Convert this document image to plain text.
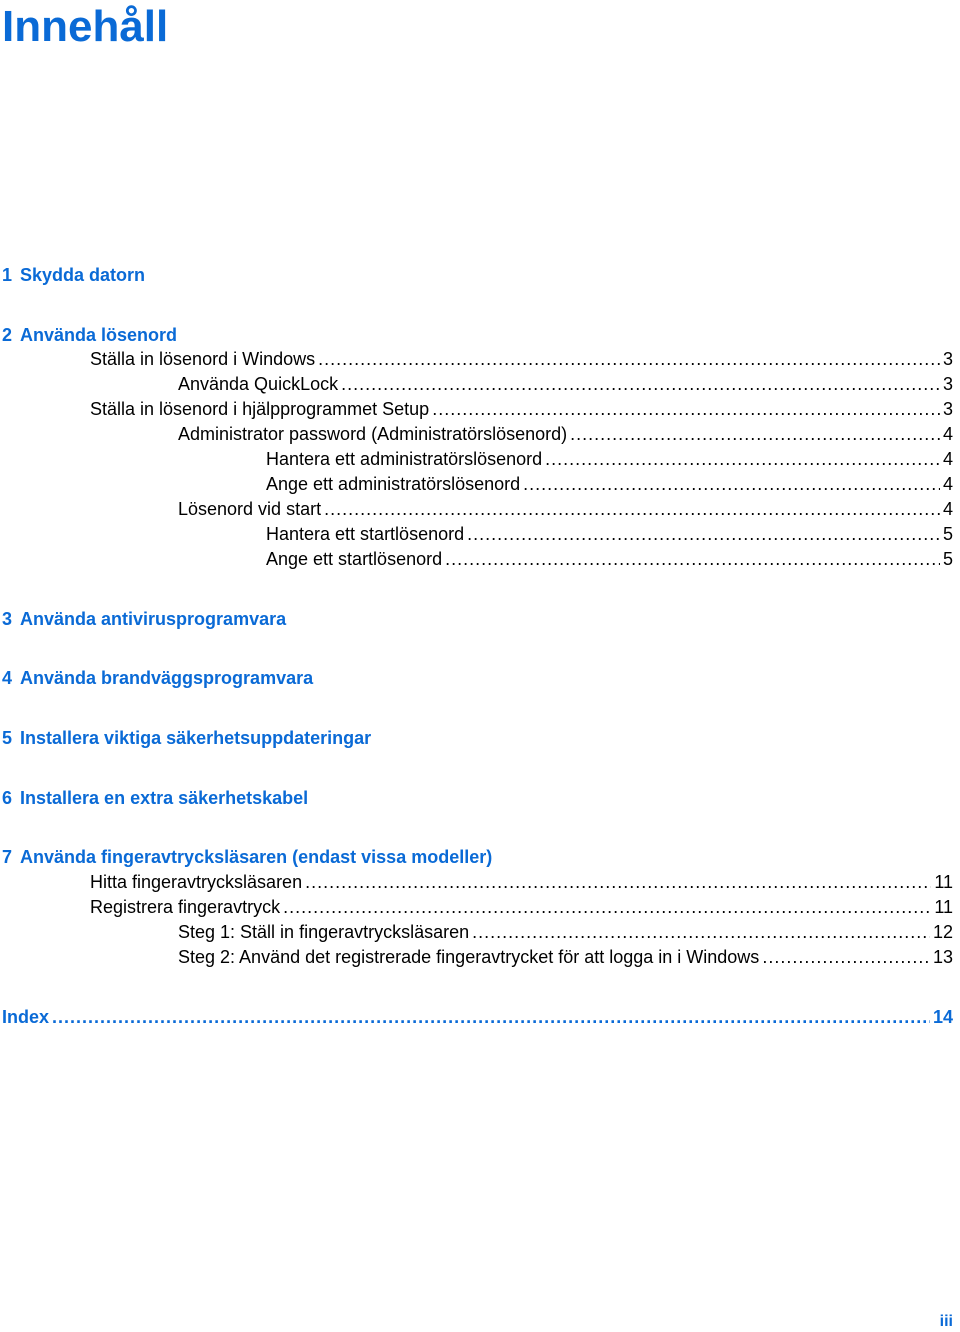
Innehåll
1 Skydda datorn
2 Använda lösenord
Ställa in lösenord i Windows . . .	3
Använda QuickLock . . .	3
Ställa in lösenord i hjälpprogrammet Setup . . .	3
Administrator password (Administratörslösenord) . . .	4
Hantera ett administratörslösenord . . .	4
Ange ett administratörslösenord . . .	4
Lösenord vid start . . .	4
Hantera ett startlösenord . . .	5
Ange ett startlösenord . . .	5
3 Använda antivirusprogramvara
4 Använda brandväggsprogramvara
5 Installera viktiga säkerhetsuppdateringar
6 Installera en extra säkerhetskabel
7 Använda fingeravtrycksläsaren (endast vissa modeller)
Hitta fingeravtrycksläsaren . . .	11
Registrera fingeravtryck . . .	11
Steg 1: Ställ in fingeravtrycksläsaren . . .	12
Steg 2: Använd det registrerade fingeravtrycket för att logga in i Windows . . .	13
Index . . .	14
iii
